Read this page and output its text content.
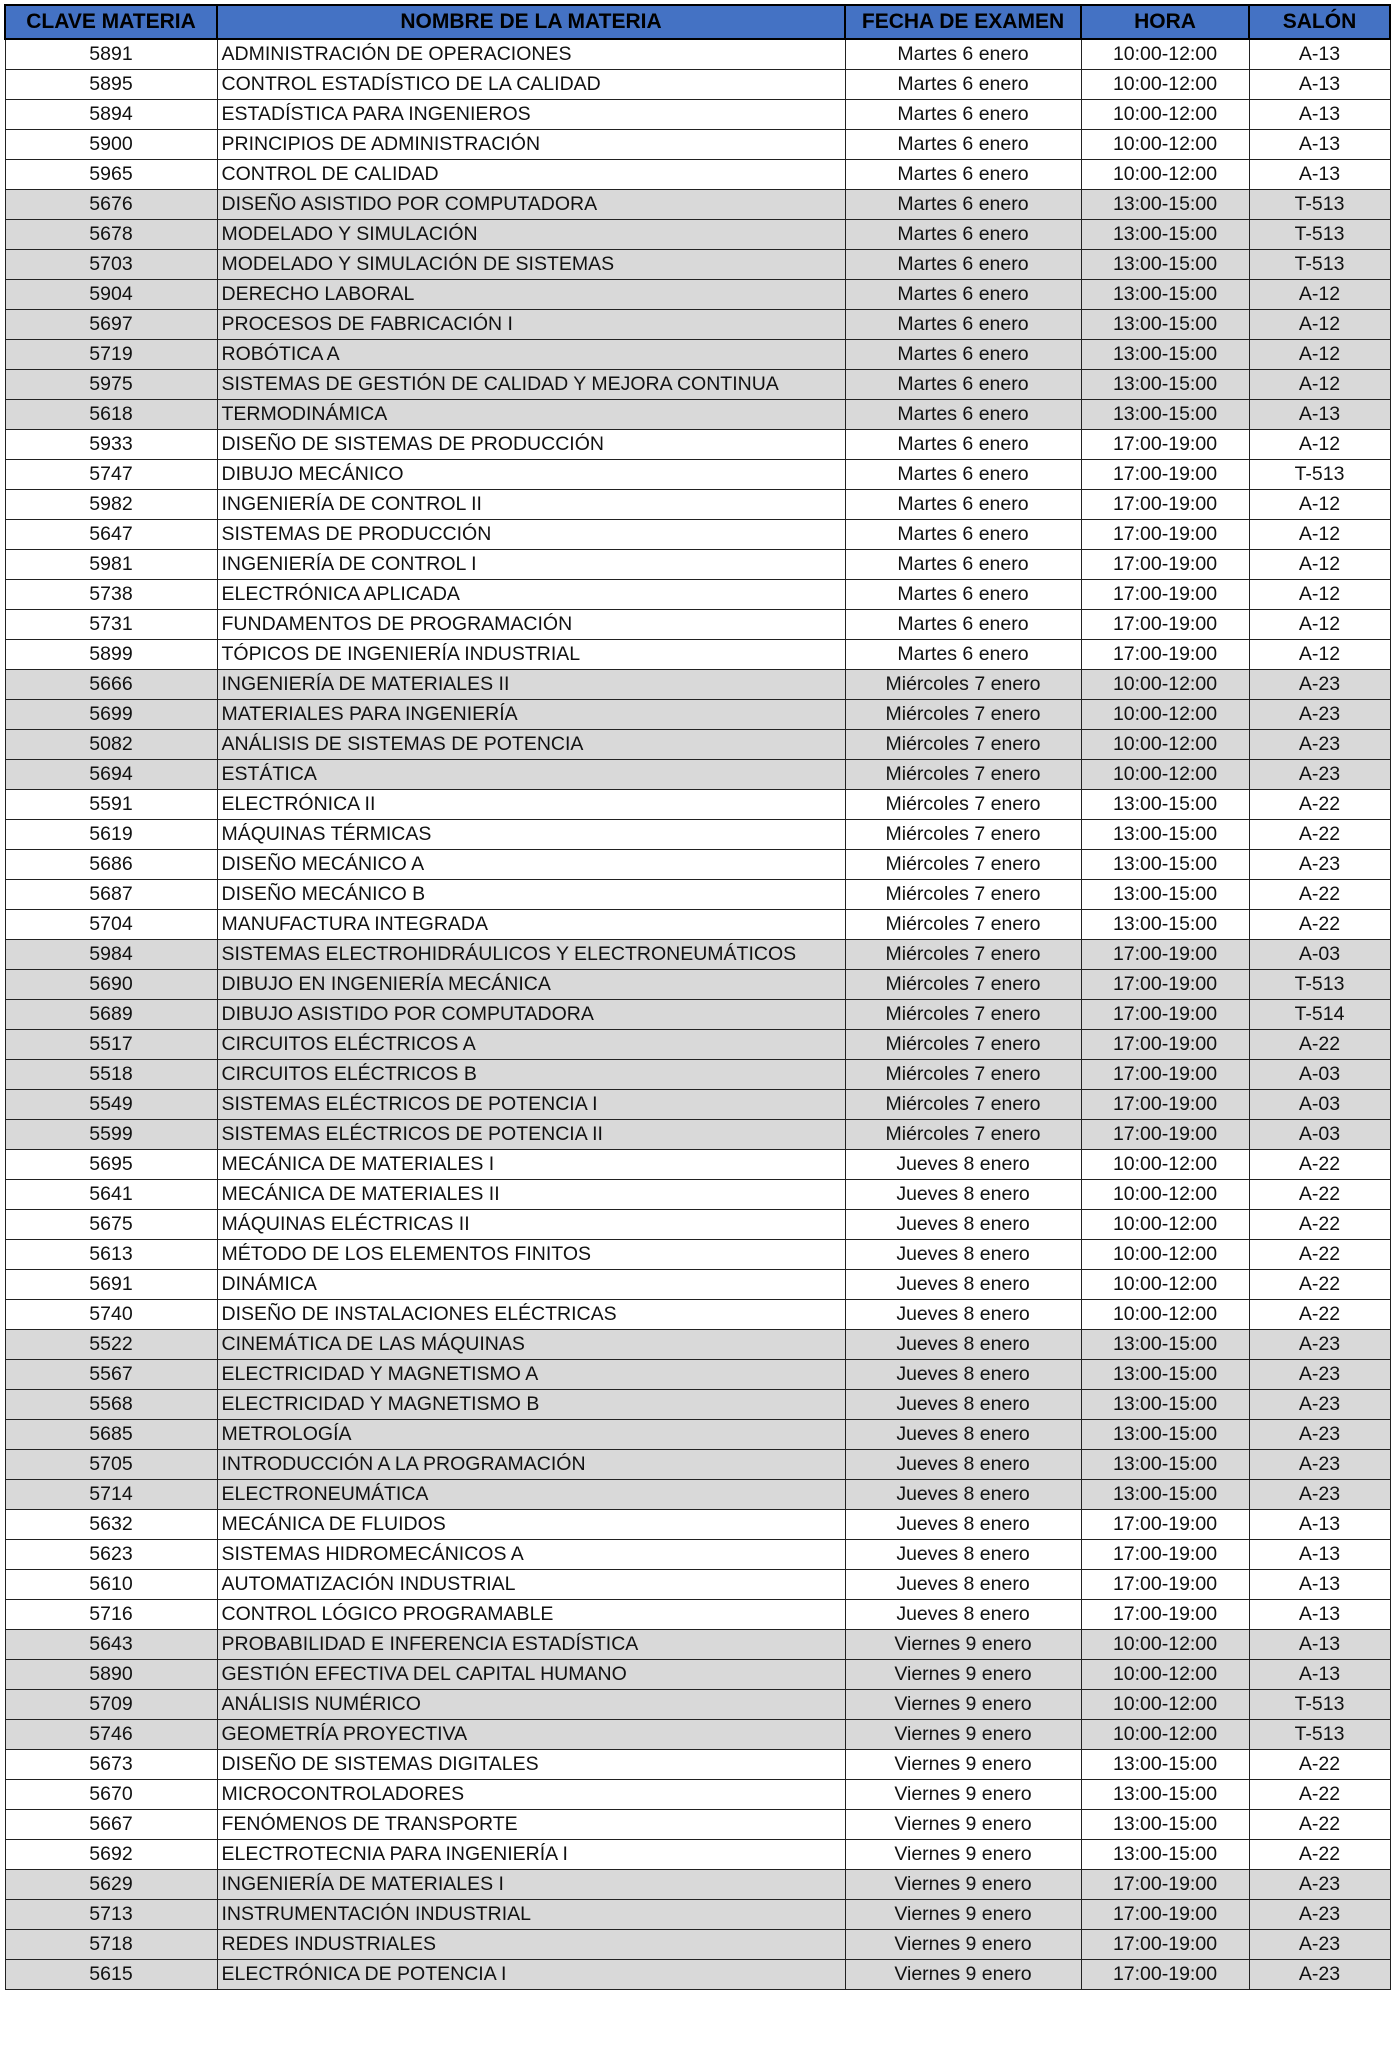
CLAVE MATERIA	NOMBRE DE LA MATERIA	FECHA DE EXAMEN	HORA	SALÓN
5891	ADMINISTRACIÓN DE OPERACIONES	Martes 6 enero	10:00-12:00	A-13
5895	CONTROL ESTADÍSTICO DE LA CALIDAD	Martes 6 enero	10:00-12:00	A-13
5894	ESTADÍSTICA PARA INGENIEROS	Martes 6 enero	10:00-12:00	A-13
5900	PRINCIPIOS DE ADMINISTRACIÓN	Martes 6 enero	10:00-12:00	A-13
5965	CONTROL DE CALIDAD	Martes 6 enero	10:00-12:00	A-13
5676	DISEÑO ASISTIDO POR COMPUTADORA	Martes 6 enero	13:00-15:00	T-513
5678	MODELADO Y SIMULACIÓN	Martes 6 enero	13:00-15:00	T-513
5703	MODELADO Y SIMULACIÓN DE SISTEMAS	Martes 6 enero	13:00-15:00	T-513
5904	DERECHO LABORAL	Martes 6 enero	13:00-15:00	A-12
5697	PROCESOS DE FABRICACIÓN I	Martes 6 enero	13:00-15:00	A-12
5719	ROBÓTICA A	Martes 6 enero	13:00-15:00	A-12
5975	SISTEMAS DE GESTIÓN DE CALIDAD Y MEJORA CONTINUA	Martes 6 enero	13:00-15:00	A-12
5618	TERMODINÁMICA	Martes 6 enero	13:00-15:00	A-13
5933	DISEÑO DE SISTEMAS DE PRODUCCIÓN	Martes 6 enero	17:00-19:00	A-12
5747	DIBUJO MECÁNICO	Martes 6 enero	17:00-19:00	T-513
5982	INGENIERÍA DE CONTROL II	Martes 6 enero	17:00-19:00	A-12
5647	SISTEMAS DE PRODUCCIÓN	Martes 6 enero	17:00-19:00	A-12
5981	INGENIERÍA DE CONTROL I	Martes 6 enero	17:00-19:00	A-12
5738	ELECTRÓNICA APLICADA	Martes 6 enero	17:00-19:00	A-12
5731	FUNDAMENTOS DE PROGRAMACIÓN	Martes 6 enero	17:00-19:00	A-12
5899	TÓPICOS DE INGENIERÍA INDUSTRIAL	Martes 6 enero	17:00-19:00	A-12
5666	INGENIERÍA DE MATERIALES II	Miércoles 7 enero	10:00-12:00	A-23
5699	MATERIALES PARA INGENIERÍA	Miércoles 7 enero	10:00-12:00	A-23
5082	ANÁLISIS DE SISTEMAS DE POTENCIA	Miércoles 7 enero	10:00-12:00	A-23
5694	ESTÁTICA	Miércoles 7 enero	10:00-12:00	A-23
5591	ELECTRÓNICA II	Miércoles 7 enero	13:00-15:00	A-22
5619	MÁQUINAS TÉRMICAS	Miércoles 7 enero	13:00-15:00	A-22
5686	DISEÑO MECÁNICO A	Miércoles 7 enero	13:00-15:00	A-23
5687	DISEÑO MECÁNICO B	Miércoles 7 enero	13:00-15:00	A-22
5704	MANUFACTURA INTEGRADA	Miércoles 7 enero	13:00-15:00	A-22
5984	SISTEMAS ELECTROHIDRÁULICOS Y ELECTRONEUMÁTICOS	Miércoles 7 enero	17:00-19:00	A-03
5690	DIBUJO EN INGENIERÍA MECÁNICA	Miércoles 7 enero	17:00-19:00	T-513
5689	DIBUJO ASISTIDO POR COMPUTADORA	Miércoles 7 enero	17:00-19:00	T-514
5517	CIRCUITOS ELÉCTRICOS A	Miércoles 7 enero	17:00-19:00	A-22
5518	CIRCUITOS ELÉCTRICOS B	Miércoles 7 enero	17:00-19:00	A-03
5549	SISTEMAS ELÉCTRICOS DE POTENCIA I	Miércoles 7 enero	17:00-19:00	A-03
5599	SISTEMAS ELÉCTRICOS DE POTENCIA II	Miércoles 7 enero	17:00-19:00	A-03
5695	MECÁNICA DE MATERIALES I	Jueves 8 enero	10:00-12:00	A-22
5641	MECÁNICA DE MATERIALES II	Jueves 8 enero	10:00-12:00	A-22
5675	MÁQUINAS ELÉCTRICAS II	Jueves 8 enero	10:00-12:00	A-22
5613	MÉTODO DE LOS ELEMENTOS FINITOS	Jueves 8 enero	10:00-12:00	A-22
5691	DINÁMICA	Jueves 8 enero	10:00-12:00	A-22
5740	DISEÑO DE INSTALACIONES ELÉCTRICAS	Jueves 8 enero	10:00-12:00	A-22
5522	CINEMÁTICA DE LAS MÁQUINAS	Jueves 8 enero	13:00-15:00	A-23
5567	ELECTRICIDAD Y MAGNETISMO A	Jueves 8 enero	13:00-15:00	A-23
5568	ELECTRICIDAD Y MAGNETISMO B	Jueves 8 enero	13:00-15:00	A-23
5685	METROLOGÍA	Jueves 8 enero	13:00-15:00	A-23
5705	INTRODUCCIÓN A LA PROGRAMACIÓN	Jueves 8 enero	13:00-15:00	A-23
5714	ELECTRONEUMÁTICA	Jueves 8 enero	13:00-15:00	A-23
5632	MECÁNICA DE FLUIDOS	Jueves 8 enero	17:00-19:00	A-13
5623	SISTEMAS HIDROMECÁNICOS A	Jueves 8 enero	17:00-19:00	A-13
5610	AUTOMATIZACIÓN INDUSTRIAL	Jueves 8 enero	17:00-19:00	A-13
5716	CONTROL LÓGICO PROGRAMABLE	Jueves 8 enero	17:00-19:00	A-13
5643	PROBABILIDAD E INFERENCIA ESTADÍSTICA	Viernes 9 enero	10:00-12:00	A-13
5890	GESTIÓN EFECTIVA DEL CAPITAL HUMANO	Viernes 9 enero	10:00-12:00	A-13
5709	ANÁLISIS NUMÉRICO	Viernes 9 enero	10:00-12:00	T-513
5746	GEOMETRÍA PROYECTIVA	Viernes 9 enero	10:00-12:00	T-513
5673	DISEÑO DE SISTEMAS DIGITALES	Viernes 9 enero	13:00-15:00	A-22
5670	MICROCONTROLADORES	Viernes 9 enero	13:00-15:00	A-22
5667	FENÓMENOS DE TRANSPORTE	Viernes 9 enero	13:00-15:00	A-22
5692	ELECTROTECNIA PARA INGENIERÍA I	Viernes 9 enero	13:00-15:00	A-22
5629	INGENIERÍA DE MATERIALES I	Viernes 9 enero	17:00-19:00	A-23
5713	INSTRUMENTACIÓN INDUSTRIAL	Viernes 9 enero	17:00-19:00	A-23
5718	REDES INDUSTRIALES	Viernes 9 enero	17:00-19:00	A-23
5615	ELECTRÓNICA DE POTENCIA I	Viernes 9 enero	17:00-19:00	A-23
